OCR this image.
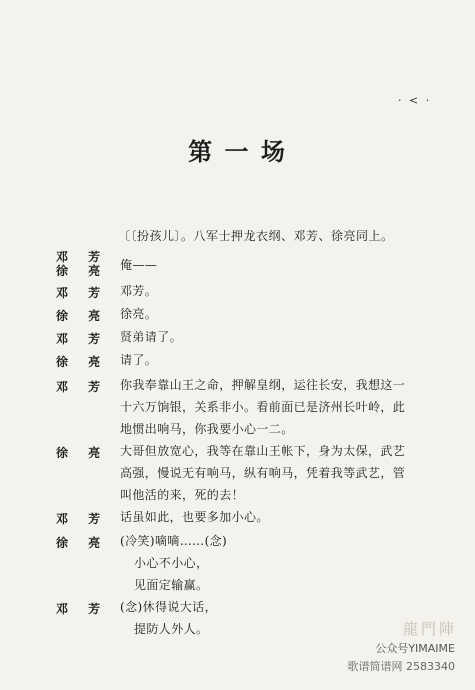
· < ·
第 一 场
〔〔扮孩儿〕。八军士押龙衣纲、邓芳、徐亮同上。
邓 芳
徐 亮 俺——

邓 芳 邓芳。

徐 亮 徐亮。

邓 芳 贤弟请了。

徐 亮 请了。

邓 芳 你我奉靠山王之命，押解皇纲，运往长安，我想这一

十六万饷银，关系非小。看前面已是济州长叶岭，此

地惯出响马，你我要小心一二。

徐 亮 大哥但放宽心，我等在靠山王帐下，身为太保，武艺

高强，慢说无有响马，纵有响马，凭着我等武艺，管

叫他活的来，死的去！

邓 芳 话虽如此，也要多加小心。

徐 亮 (冷笑)嘀嘀……(念)

小心不小心，

见面定输赢。

邓 芳 (念)休得说大话，

提防人外人。	龍門陣
公众号YIMAIME
歌谱简谱网 2583340
